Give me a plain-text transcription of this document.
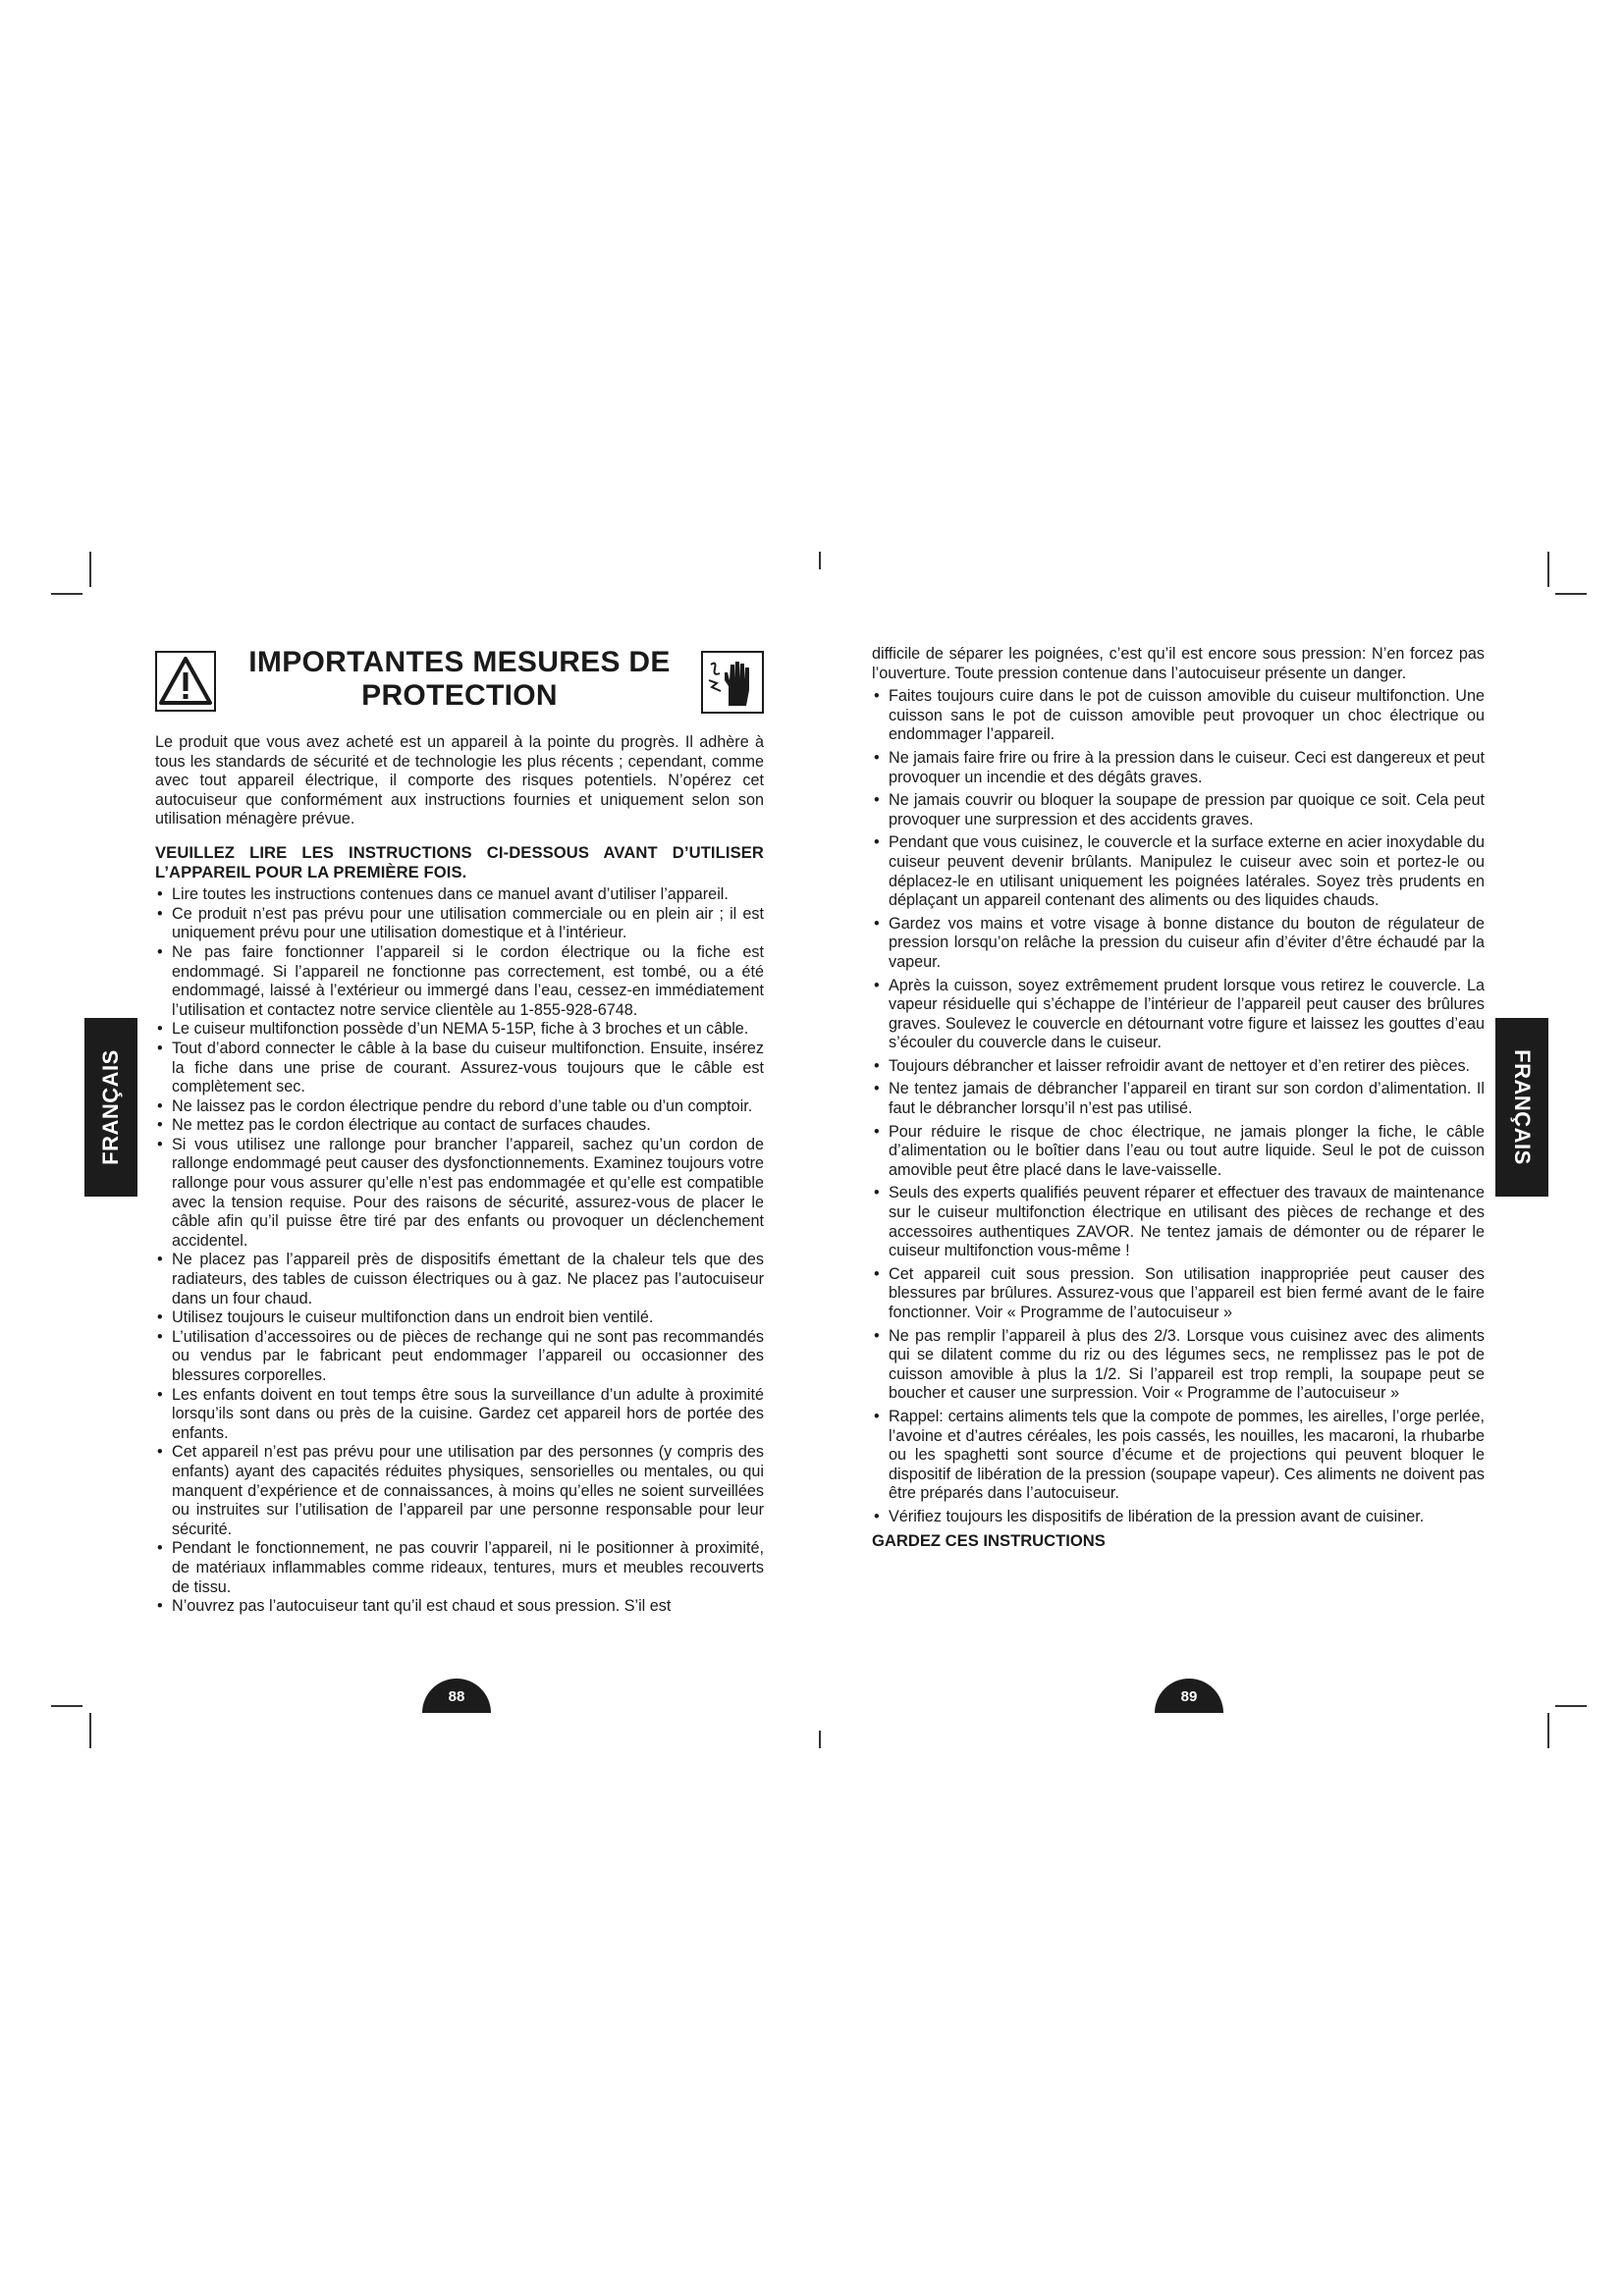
FRANÇAIS	FRANÇAIS
IMPORTANTES MESURES DE
PROTECTION

Le produit que vous avez acheté est un appareil à la pointe du progrès. Il adhère à tous les standards de sécurité et de technologie les plus récents ; cependant, comme avec tout appareil électrique, il comporte des risques potentiels. N’opérez cet autocuiseur que conformément aux instructions fournies et uniquement selon son utilisation ménagère prévue.

VEUILLEZ LIRE LES INSTRUCTIONS CI-DESSOUS AVANT D’UTILISER L’APPAREIL POUR LA PREMIÈRE FOIS.
• Lire toutes les instructions contenues dans ce manuel avant d’utiliser l’appareil.
• Ce produit n’est pas prévu pour une utilisation commerciale ou en plein air ; il est uniquement prévu pour une utilisation domestique et à l’intérieur.
• Ne pas faire fonctionner l’appareil si le cordon électrique ou la fiche est endommagé. Si l’appareil ne fonctionne pas correctement, est tombé, ou a été endommagé, laissé à l’extérieur ou immergé dans l’eau, cessez-en immédiatement l’utilisation et contactez notre service clientèle au 1-855-928-6748.
• Le cuiseur multifonction possède d’un NEMA 5-15P, fiche à 3 broches et un câble.
• Tout d’abord connecter le câble à la base du cuiseur multifonction. Ensuite, insérez la fiche dans une prise de courant. Assurez-vous toujours que le câble est complètement sec.
• Ne laissez pas le cordon électrique pendre du rebord d’une table ou d’un comptoir.
• Ne mettez pas le cordon électrique au contact de surfaces chaudes.
• Si vous utilisez une rallonge pour brancher l’appareil, sachez qu’un cordon de rallonge endommagé peut causer des dysfonctionnements. Examinez toujours votre rallonge pour vous assurer qu’elle n’est pas endommagée et qu’elle est compatible avec la tension requise. Pour des raisons de sécurité, assurez-vous de placer le câble afin qu’il puisse être tiré par des enfants ou provoquer un déclenchement accidentel.
• Ne placez pas l’appareil près de dispositifs émettant de la chaleur tels que des radiateurs, des tables de cuisson électriques ou à gaz. Ne placez pas l’autocuiseur dans un four chaud.
• Utilisez toujours le cuiseur multifonction dans un endroit bien ventilé.
• L’utilisation d’accessoires ou de pièces de rechange qui ne sont pas recommandés ou vendus par le fabricant peut endommager l’appareil ou occasionner des blessures corporelles.
• Les enfants doivent en tout temps être sous la surveillance d’un adulte à proximité lorsqu’ils sont dans ou près de la cuisine. Gardez cet appareil hors de portée des enfants.
• Cet appareil n’est pas prévu pour une utilisation par des personnes (y compris des enfants) ayant des capacités réduites physiques, sensorielles ou mentales, ou qui manquent d’expérience et de connaissances, à moins qu’elles ne soient surveillées ou instruites sur l’utilisation de l’appareil par une personne responsable pour leur sécurité.
• Pendant le fonctionnement, ne pas couvrir l’appareil, ni le positionner à proximité, de matériaux inflammables comme rideaux, tentures, murs et meubles recouverts de tissu.
• N’ouvrez pas l’autocuiseur tant qu’il est chaud et sous pression. S’il est

difficile de séparer les poignées, c’est qu’il est encore sous pression: N’en forcez pas l’ouverture. Toute pression contenue dans l’autocuiseur présente un danger.

• Faites toujours cuire dans le pot de cuisson amovible du cuiseur multifonction. Une cuisson sans le pot de cuisson amovible peut provoquer un choc électrique ou endommager l’appareil.
• Ne jamais faire frire ou frire à la pression dans le cuiseur. Ceci est dangereux et peut provoquer un incendie et des dégâts graves.
• Ne jamais couvrir ou bloquer la soupape de pression par quoique ce soit. Cela peut provoquer une surpression et des accidents graves.
• Pendant que vous cuisinez, le couvercle et la surface externe en acier inoxydable du cuiseur peuvent devenir brûlants. Manipulez le cuiseur avec soin et portez-le ou déplacez-le en utilisant uniquement les poignées latérales. Soyez très prudents en déplaçant un appareil contenant des aliments ou des liquides chauds.
• Gardez vos mains et votre visage à bonne distance du bouton de régulateur de pression lorsqu’on relâche la pression du cuiseur afin d’éviter d’être échaudé par la vapeur.
• Après la cuisson, soyez extrêmement prudent lorsque vous retirez le couvercle. La vapeur résiduelle qui s’échappe de l’intérieur de l’appareil peut causer des brûlures graves. Soulevez le couvercle en détournant votre figure et laissez les gouttes d’eau s’écouler du couvercle dans le cuiseur.
• Toujours débrancher et laisser refroidir avant de nettoyer et d’en retirer des pièces.
• Ne tentez jamais de débrancher l’appareil en tirant sur son cordon d’alimentation. Il faut le débrancher lorsqu’il n’est pas utilisé.
• Pour réduire le risque de choc électrique, ne jamais plonger la fiche, le câble d’alimentation ou le boîtier dans l’eau ou tout autre liquide. Seul le pot de cuisson amovible peut être placé dans le lave-vaisselle.
• Seuls des experts qualifiés peuvent réparer et effectuer des travaux de maintenance sur le cuiseur multifonction électrique en utilisant des pièces de rechange et des accessoires authentiques ZAVOR. Ne tentez jamais de démonter ou de réparer le cuiseur multifonction vous-même !
• Cet appareil cuit sous pression. Son utilisation inappropriée peut causer des blessures par brûlures. Assurez-vous que l’appareil est bien fermé avant de le faire fonctionner. Voir « Programme de l’autocuiseur »
• Ne pas remplir l’appareil à plus des 2/3. Lorsque vous cuisinez avec des aliments qui se dilatent comme du riz ou des légumes secs, ne remplissez pas le pot de cuisson amovible à plus la 1/2. Si l’appareil est trop rempli, la soupape peut se boucher et causer une surpression. Voir « Programme de l’autocuiseur »
• Rappel: certains aliments tels que la compote de pommes, les airelles, l’orge perlée, l’avoine et d’autres céréales, les pois cassés, les nouilles, les macaroni, la rhubarbe ou les spaghetti sont source d’écume et de projections qui peuvent bloquer le dispositif de libération de la pression (soupape vapeur). Ces aliments ne doivent pas être préparés dans l’autocuiseur.
• Vérifiez toujours les dispositifs de libération de la pression avant de cuisiner.
GARDEZ CES INSTRUCTIONS
88	89
